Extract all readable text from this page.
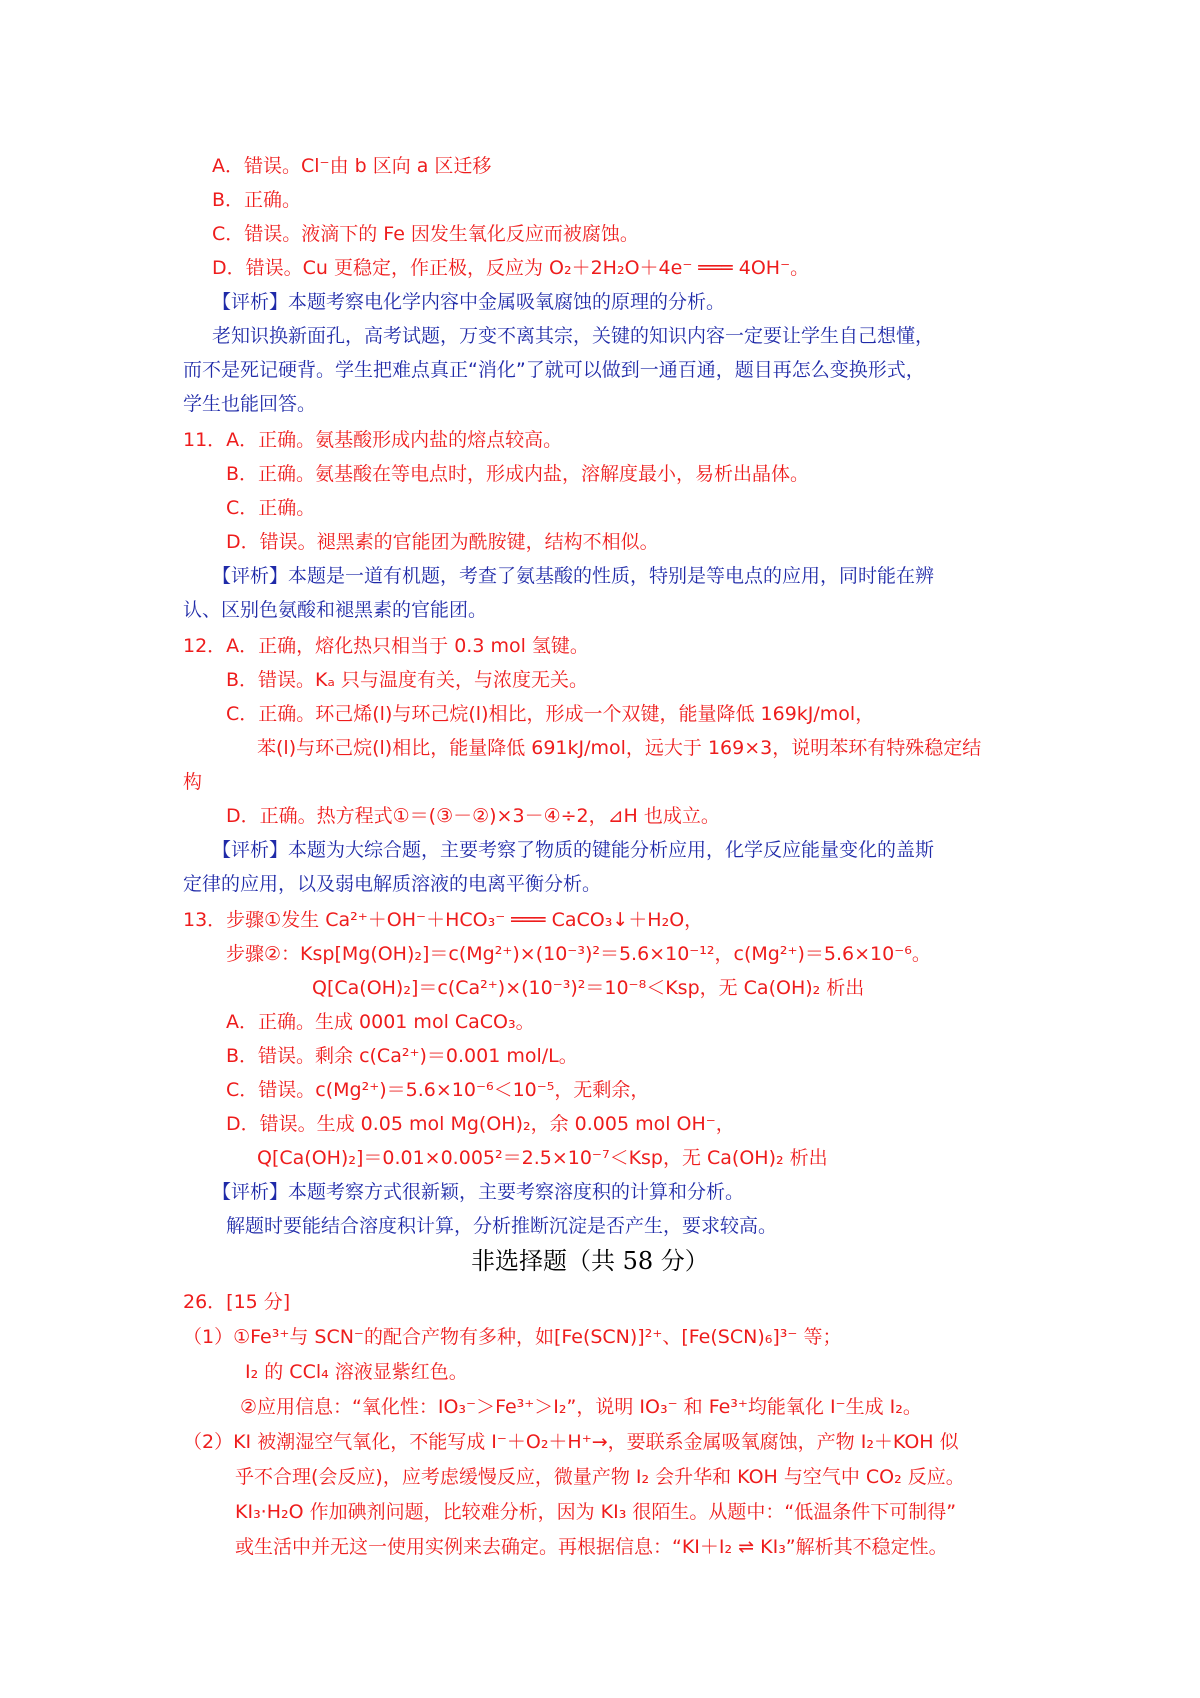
A．错误。Cl⁻由 b 区向 a 区迁移
B．正确。
C．错误。液滴下的 Fe 因发生氧化反应而被腐蚀。
D．错误。Cu 更稳定，作正极，反应为 O₂＋2H₂O＋4e⁻ ═══ 4OH⁻。
【评析】本题考察电化学内容中金属吸氧腐蚀的原理的分析。
老知识换新面孔，高考试题，万变不离其宗，关键的知识内容一定要让学生自己想懂，
而不是死记硬背。学生把难点真正“消化”了就可以做到一通百通，题目再怎么变换形式，
学生也能回答。
11．A．正确。氨基酸形成内盐的熔点较高。
B．正确。氨基酸在等电点时，形成内盐，溶解度最小，易析出晶体。
C．正确。
D．错误。褪黑素的官能团为酰胺键，结构不相似。
【评析】本题是一道有机题，考查了氨基酸的性质，特别是等电点的应用，同时能在辨
认、区别色氨酸和褪黑素的官能团。
12．A．正确，熔化热只相当于 0.3 mol 氢键。
B．错误。Kₐ 只与温度有关，与浓度无关。
C．正确。环己烯(l)与环己烷(l)相比，形成一个双键，能量降低 169kJ/mol，
苯(l)与环己烷(l)相比，能量降低 691kJ/mol，远大于 169×3，说明苯环有特殊稳定结
构
D．正确。热方程式①＝(③－②)×3－④÷2，⊿H 也成立。
【评析】本题为大综合题，主要考察了物质的键能分析应用，化学反应能量变化的盖斯
定律的应用，以及弱电解质溶液的电离平衡分析。
13．步骤①发生 Ca²⁺＋OH⁻＋HCO₃⁻ ═══ CaCO₃↓＋H₂O，
步骤②：Ksp[Mg(OH)₂]＝c(Mg²⁺)×(10⁻³)²＝5.6×10⁻¹²，c(Mg²⁺)＝5.6×10⁻⁶。
Q[Ca(OH)₂]＝c(Ca²⁺)×(10⁻³)²＝10⁻⁸＜Ksp，无 Ca(OH)₂ 析出
A．正确。生成 0001 mol CaCO₃。
B．错误。剩余 c(Ca²⁺)＝0.001 mol/L。
C．错误。c(Mg²⁺)＝5.6×10⁻⁶＜10⁻⁵，无剩余，
D．错误。生成 0.05 mol Mg(OH)₂，余 0.005 mol OH⁻，
Q[Ca(OH)₂]＝0.01×0.005²＝2.5×10⁻⁷＜Ksp，无 Ca(OH)₂ 析出
【评析】本题考察方式很新颖，主要考察溶度积的计算和分析。
解题时要能结合溶度积计算，分析推断沉淀是否产生，要求较高。
非选择题（共 58 分）
26．[15 分]
（1）①Fe³⁺与 SCN⁻的配合产物有多种，如[Fe(SCN)]²⁺、[Fe(SCN)₆]³⁻ 等；
I₂ 的 CCl₄ 溶液显紫红色。
②应用信息：“氧化性：IO₃⁻＞Fe³⁺＞I₂”，说明 IO₃⁻ 和 Fe³⁺均能氧化 I⁻生成 I₂。
（2）KI 被潮湿空气氧化，不能写成 I⁻＋O₂＋H⁺→，要联系金属吸氧腐蚀，产物 I₂＋KOH 似
乎不合理(会反应)，应考虑缓慢反应，微量产物 I₂ 会升华和 KOH 与空气中 CO₂ 反应。
KI₃·H₂O 作加碘剂问题，比较难分析，因为 KI₃ 很陌生。从题中：“低温条件下可制得”
或生活中并无这一使用实例来去确定。再根据信息：“KI＋I₂ ⇌ KI₃”解析其不稳定性。
